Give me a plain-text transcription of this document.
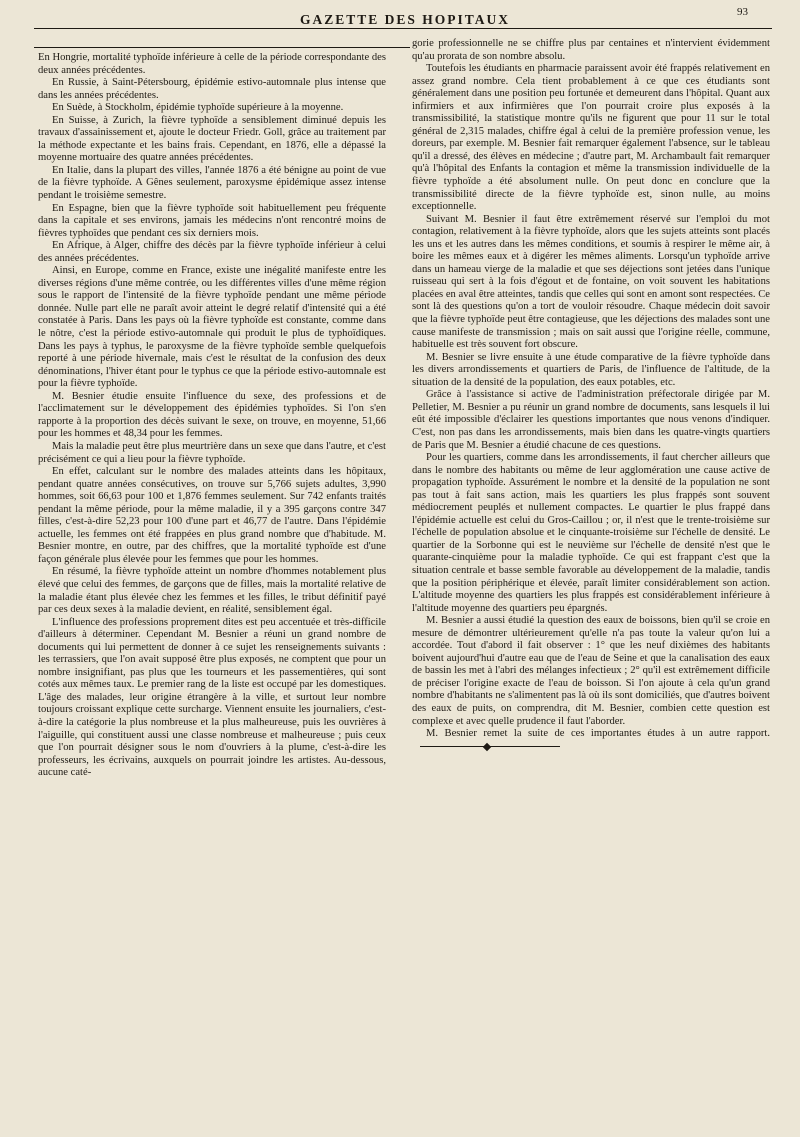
GAZETTE DES HOPITAUX	93

En Hongrie, mortalité typhoïde inférieure à celle de la période correspondante des deux années précédentes.

En Russie, à Saint-Pétersbourg, épidémie estivo-automnale plus intense que dans les années précédentes.

En Suède, à Stockholm, épidémie typhoïde supérieure à la moyenne.

En Suisse, à Zurich, la fièvre typhoïde a sensiblement diminué depuis les travaux d'assainissement et, ajoute le docteur Friedr. Goll, grâce au traitement par la méthode expectante et les bains frais. Cependant, en 1876, elle a dépassé la moyenne mortuaire des quatre années précédentes.

En Italie, dans la plupart des villes, l'année 1876 a été bénigne au point de vue de la fièvre typhoïde. A Gênes seulement, paroxysme épidémique assez intense pendant le troisième semestre.

En Espagne, bien que la fièvre typhoïde soit habituellement peu fréquente dans la capitale et ses environs, jamais les médecins n'ont rencontré moins de fièvres typhoïdes que pendant ces six derniers mois.

En Afrique, à Alger, chiffre des décès par la fièvre typhoïde inférieur à celui des années précédentes.

Ainsi, en Europe, comme en France, existe une inégalité manifeste entre les diverses régions d'une même contrée, ou les différentes villes d'une même région sous le rapport de l'intensité de la fièvre typhoïde pendant une même période donnée. Nulle part elle ne paraît avoir atteint le degré relatif d'intensité qui a été constatée à Paris. Dans les pays où la fièvre typhoïde est constante, comme dans le nôtre, c'est la période estivo-automnale qui produit le plus de typhoïdiques. Dans les pays à typhus, le paroxysme de la fièvre typhoïde semble quelquefois reporté à une période hivernale, mais c'est le résultat de la confusion des deux dénominations, l'hiver étant pour le typhus ce que la période estivo-automnale est pour la fièvre typhoïde.

M. Besnier étudie ensuite l'influence du sexe, des professions et de l'acclimatement sur le développement des épidémies typhoïdes. Si l'on s'en rapporte à la proportion des décès suivant le sexe, on trouve, en moyenne, 51,66 pour les hommes et 48,34 pour les femmes.

Mais la maladie peut être plus meurtrière dans un sexe que dans l'autre, et c'est précisément ce qui a lieu pour la fièvre typhoïde.

En effet, calculant sur le nombre des malades atteints dans les hôpitaux, pendant quatre années consécutives, on trouve sur 5,766 sujets adultes, 3,990 hommes, soit 66,63 pour 100 et 1,876 femmes seulement. Sur 742 enfants traités pendant la même période, pour la même maladie, il y a 395 garçons contre 347 filles, c'est-à-dire 52,23 pour 100 d'une part et 46,77 de l'autre. Dans l'épidémie actuelle, les femmes ont été frappées en plus grand nombre que d'habitude. M. Besnier montre, en outre, par des chiffres, que la mortalité typhoïde est d'une façon générale plus élevée pour les femmes que pour les hommes.

En résumé, la fièvre typhoïde atteint un nombre d'hommes notablement plus élevé que celui des femmes, de garçons que de filles, mais la mortalité relative de la maladie étant plus élevée chez les femmes et les filles, le tribut définitif payé par ces deux sexes à la maladie devient, en réalité, sensiblement égal.

L'influence des professions proprement dites est peu accentuée et très-difficile d'ailleurs à déterminer. Cependant M. Besnier a réuni un grand nombre de documents qui lui permettent de donner à ce sujet les renseignements suivants : les terrassiers, que l'on avait supposé être plus exposés, ne comptent que pour un nombre insignifiant, pas plus que les tourneurs et les passementières, qui sont cotés aux mêmes taux. Le premier rang de la liste est occupé par les domestiques. L'âge des malades, leur origine étrangère à la ville, et surtout leur nombre toujours croissant explique cette surcharge. Viennent ensuite les journaliers, c'est-à-dire la catégorie la plus nombreuse et la plus malheureuse, puis les ouvrières à l'aiguille, qui constituent aussi une classe nombreuse et malheureuse ; puis ceux que l'on pourrait désigner sous le nom d'ouvriers à la plume, c'est-à-dire les professeurs, les écrivains, auxquels on pourrait joindre les artistes. Au-dessous, aucune caté-

gorie professionnelle ne se chiffre plus par centaines et n'intervient évidemment qu'au prorata de son nombre absolu.

Toutefois les étudiants en pharmacie paraissent avoir été frappés relativement en assez grand nombre. Cela tient probablement à ce que ces étudiants sont généralement dans une position peu fortunée et demeurent dans l'hôpital. Quant aux infirmiers et aux infirmières que l'on pourrait croire plus exposés à la transmissibilité, la statistique montre qu'ils ne figurent que pour 11 sur le total général de 2,315 malades, chiffre égal à celui de la première profession venue, les doreurs, par exemple. M. Besnier fait remarquer également l'absence, sur le tableau qu'il a dressé, des élèves en médecine ; d'autre part, M. Archambault fait remarquer qu'à l'hôpital des Enfants la contagion et même la transmission individuelle de la fièvre typhoïde a été absolument nulle. On peut donc en conclure que la transmissibilité directe de la fièvre typhoïde est, sinon nulle, au moins exceptionnelle.

Suivant M. Besnier il faut être extrêmement réservé sur l'emploi du mot contagion, relativement à la fièvre typhoïde, alors que les sujets atteints sont placés les uns et les autres dans les mêmes conditions, et soumis à respirer le même air, à boire les mêmes eaux et à digérer les mêmes aliments. Lorsqu'un typhoïde arrive dans un hameau vierge de la maladie et que ses déjections sont jetées dans l'unique ruisseau qui sert à la fois d'égout et de fontaine, on voit souvent les habitations placées en aval être atteintes, tandis que celles qui sont en amont sont respectées. Ce sont là des questions qu'on a tort de vouloir résoudre. Chaque médecin doit savoir que la fièvre typhoïde peut être contagieuse, que les déjections des malades sont une cause manifeste de transmission ; mais on sait aussi que l'origine réelle, commune, habituelle est très souvent fort obscure.

M. Besnier se livre ensuite à une étude comparative de la fièvre typhoïde dans les divers arrondissements et quartiers de Paris, de l'influence de l'altitude, de la situation de la densité de la population, des eaux potables, etc.

Grâce à l'assistance si active de l'administration préfectorale dirigée par M. Pelletier, M. Besnier a pu réunir un grand nombre de documents, sans lesquels il lui eût été impossible d'éclairer les questions importantes que nous venons d'indiquer. C'est, non pas dans les arrondissements, mais bien dans les quatre-vingts quartiers de Paris que M. Besnier a étudié chacune de ces questions.

Pour les quartiers, comme dans les arrondissements, il faut chercher ailleurs que dans le nombre des habitants ou même de leur agglomération une cause active de propagation typhoïde. Assurément le nombre et la densité de la population ne sont pas tout à fait sans action, mais les quartiers les plus frappés sont souvent médiocrement peuplés et nullement compactes. Le quartier le plus frappé dans l'épidémie actuelle est celui du Gros-Caillou ; or, il n'est que le trente-troisième sur l'échelle de population absolue et le cinquante-troisième sur l'échelle de densité. Le quartier de la Sorbonne qui est le neuvième sur l'échelle de densité n'est que le quarante-cinquième pour la maladie typhoïde. Ce qui est frappant c'est que la situation centrale et basse semble favorable au développement de la maladie, tandis que la position périphérique et élevée, paraît limiter considérablement son action. L'altitude moyenne des quartiers les plus frappés est considérablement inférieure à l'altitude moyenne des quartiers peu épargnés.

M. Besnier a aussi étudié la question des eaux de boissons, bien qu'il se croie en mesure de démontrer ultérieurement qu'elle n'a pas toute la valeur qu'on lui a accordée. Tout d'abord il fait observer : 1° que les neuf dixièmes des habitants boivent aujourd'hui d'autre eau que de l'eau de Seine et que la canalisation des eaux de bassin les met à l'abri des mélanges infectieux ; 2° qu'il est extrêmement difficile de préciser l'origine exacte de l'eau de boisson. Si l'on ajoute à cela qu'un grand nombre d'habitants ne s'alimentent pas là où ils sont domiciliés, que d'autres boivent des eaux de puits, on comprendra, dit M. Besnier, combien cette question est complexe et avec quelle prudence il faut l'aborder.

M. Besnier remet la suite de ces importantes études à un autre rapport.
